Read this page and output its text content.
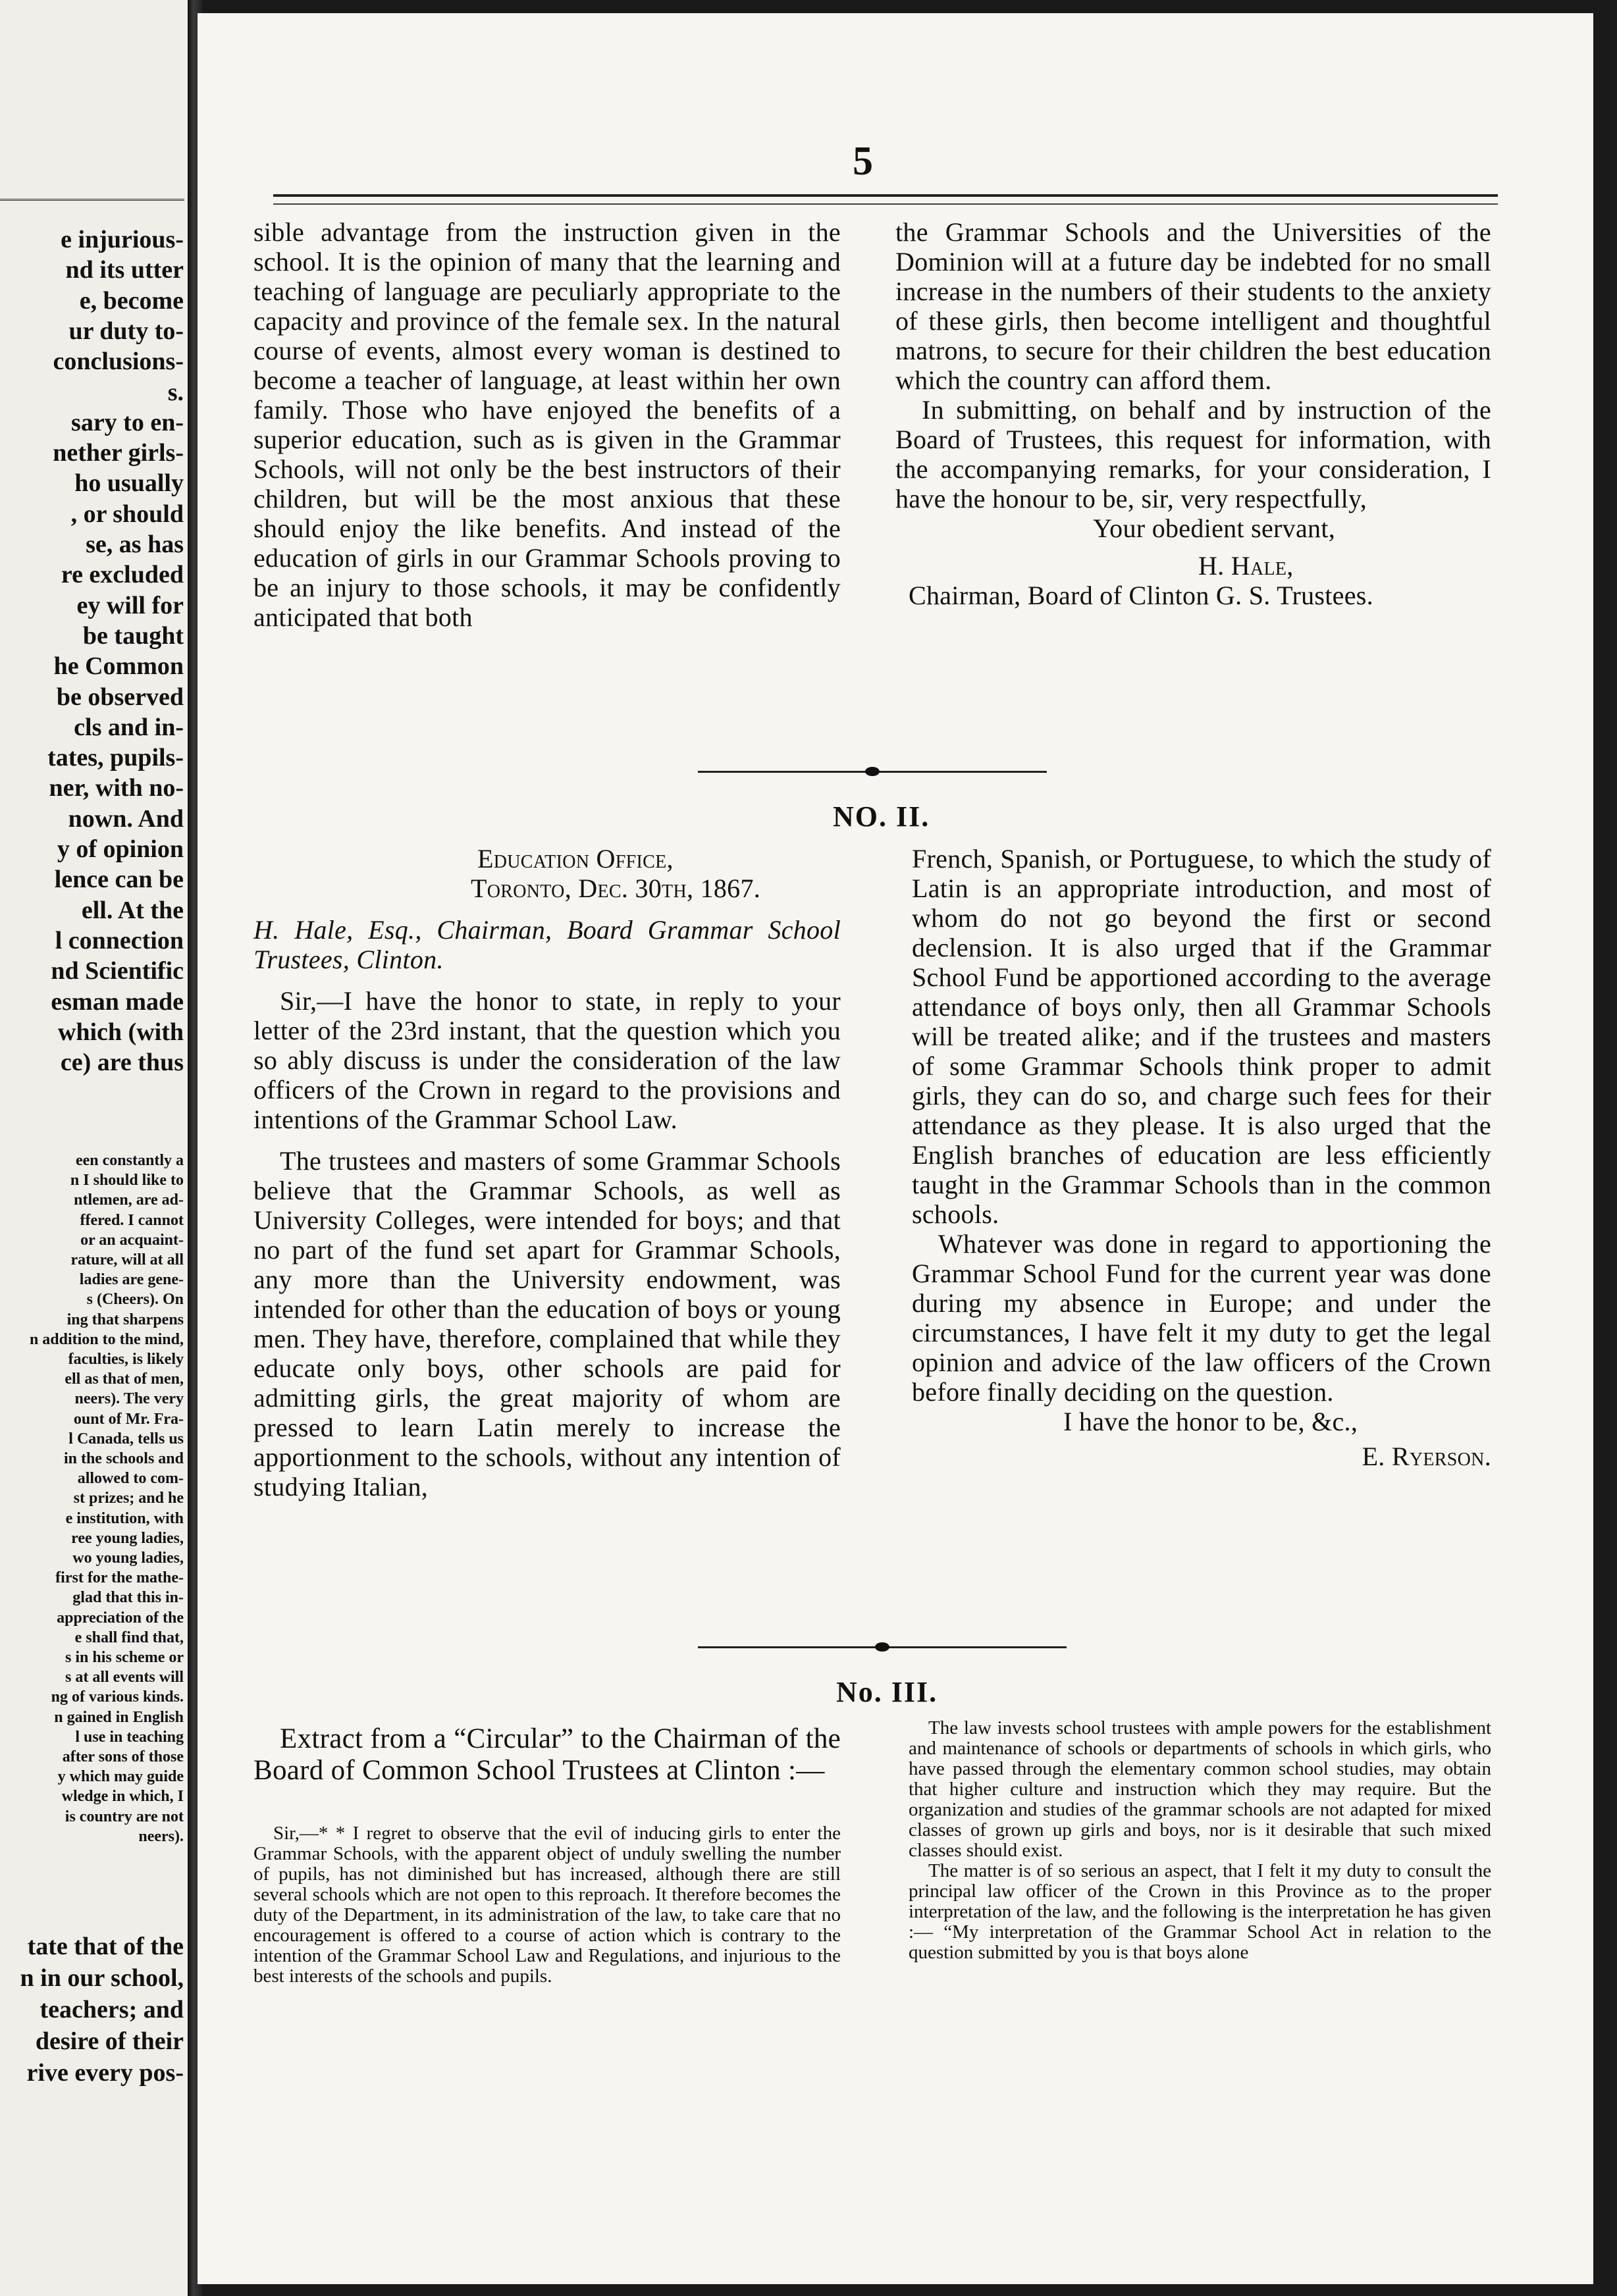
e injurious-
nd its utter
e, become
ur duty to-
conclusions-
s.
sary to en-
nether girls-
ho usually
, or should
se, as has
re excluded
ey will for
be taught
he Common
be observed
cls and in-
tates, pupils-
ner, with no-
nown. And
y of opinion
lence can be
ell. At the
l connection
nd Scientific
esman made
which (with
ce) are thus
een constantly a
n I should like to
ntlemen, are ad-
ffered. I cannot
or an acquaint-
rature, will at all
ladies are gene-
s (Cheers). On
ing that sharpens
n addition to the mind,
faculties, is likely
ell as that of men,
neers). The very
ount of Mr. Fra-
l Canada, tells us
in the schools and
allowed to com-
st prizes; and he
e institution, with
ree young ladies,
wo young ladies,
first for the mathe-
glad that this in-
appreciation of the
e shall find that,
s in his scheme or
s at all events will
ng of various kinds.
n gained in English
l use in teaching
after sons of those
y which may guide
wledge in which, I
is country are not
neers).
tate that of the
n in our school,
teachers; and
desire of their
rive every pos-
5

sible advantage from the instruction given in the school. It is the opinion of many that the learning and teaching of language are peculiarly appropriate to the capacity and province of the female sex. In the natural course of events, almost every woman is destined to become a teacher of language, at least within her own family. Those who have enjoyed the benefits of a superior education, such as is given in the Grammar Schools, will not only be the best instructors of their children, but will be the most anxious that these should enjoy the like benefits. And instead of the education of girls in our Grammar Schools proving to be an injury to those schools, it may be confidently anticipated that both

the Grammar Schools and the Universities of the Dominion will at a future day be indebted for no small increase in the numbers of their students to the anxiety of these girls, then become intelligent and thoughtful matrons, to secure for their children the best education which the country can afford them.

In submitting, on behalf and by instruction of the Board of Trustees, this request for information, with the accompanying remarks, for your consideration, I have the honour to be, sir, very respectfully,

Your obedient servant,

H. Hale,

Chairman, Board of Clinton G. S. Trustees.

NO. II.

Education Office,

Toronto, Dec. 30th, 1867.

H. Hale, Esq., Chairman, Board Grammar School Trustees, Clinton.

Sir,—I have the honor to state, in reply to your letter of the 23rd instant, that the question which you so ably discuss is under the consideration of the law officers of the Crown in regard to the provisions and intentions of the Grammar School Law.

The trustees and masters of some Grammar Schools believe that the Grammar Schools, as well as University Colleges, were intended for boys; and that no part of the fund set apart for Grammar Schools, any more than the University endowment, was intended for other than the education of boys or young men. They have, therefore, complained that while they educate only boys, other schools are paid for admitting girls, the great majority of whom are pressed to learn Latin merely to increase the apportionment to the schools, without any intention of studying Italian,

French, Spanish, or Portuguese, to which the study of Latin is an appropriate introduction, and most of whom do not go beyond the first or second declension. It is also urged that if the Grammar School Fund be apportioned according to the average attendance of boys only, then all Grammar Schools will be treated alike; and if the trustees and masters of some Grammar Schools think proper to admit girls, they can do so, and charge such fees for their attendance as they please. It is also urged that the English branches of education are less efficiently taught in the Grammar Schools than in the common schools.

Whatever was done in regard to apportioning the Grammar School Fund for the current year was done during my absence in Europe; and under the circumstances, I have felt it my duty to get the legal opinion and advice of the law officers of the Crown before finally deciding on the question.

I have the honor to be, &c.,

E. Ryerson.

No. III.

Extract from a “Circular” to the Chairman of the Board of Common School Trustees at Clinton :—

Sir,—* * I regret to observe that the evil of inducing girls to enter the Grammar Schools, with the apparent object of unduly swelling the number of pupils, has not diminished but has increased, although there are still several schools which are not open to this reproach. It therefore becomes the duty of the Department, in its administration of the law, to take care that no encouragement is offered to a course of action which is contrary to the intention of the Grammar School Law and Regulations, and injurious to the best interests of the schools and pupils.

The law invests school trustees with ample powers for the establishment and maintenance of schools or departments of schools in which girls, who have passed through the elementary common school studies, may obtain that higher culture and instruction which they may require. But the organization and studies of the grammar schools are not adapted for mixed classes of grown up girls and boys, nor is it desirable that such mixed classes should exist.

The matter is of so serious an aspect, that I felt it my duty to consult the principal law officer of the Crown in this Province as to the proper interpretation of the law, and the following is the interpretation he has given :— “My interpretation of the Grammar School Act in relation to the question submitted by you is that boys alone
